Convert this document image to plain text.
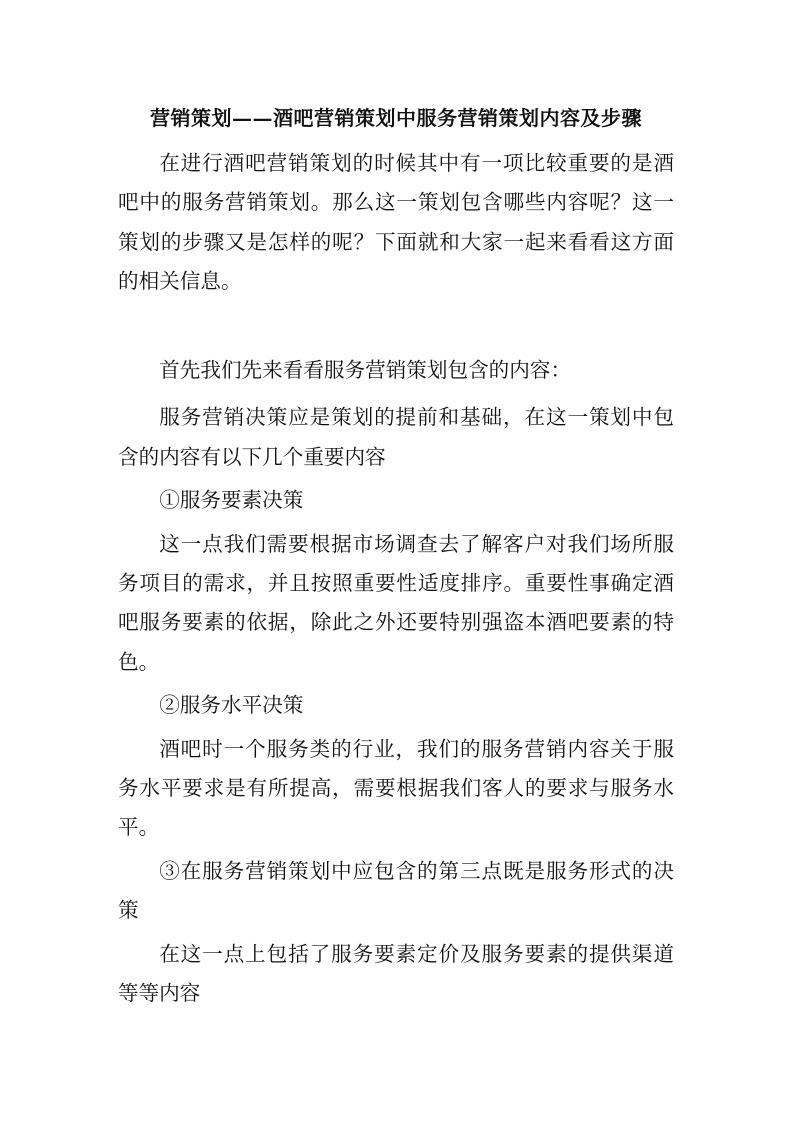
营销策划——酒吧营销策划中服务营销策划内容及步骤

在进行酒吧营销策划的时候其中有一项比较重要的是酒吧中的服务营销策划。那么这一策划包含哪些内容呢？这一策划的步骤又是怎样的呢？下面就和大家一起来看看这方面的相关信息。

首先我们先来看看服务营销策划包含的内容：

服务营销决策应是策划的提前和基础，在这一策划中包含的内容有以下几个重要内容

①服务要素决策

这一点我们需要根据市场调查去了解客户对我们场所服务项目的需求，并且按照重要性适度排序。重要性事确定酒吧服务要素的依据，除此之外还要特别强盗本酒吧要素的特色。

②服务水平决策

酒吧时一个服务类的行业，我们的服务营销内容关于服务水平要求是有所提高，需要根据我们客人的要求与服务水平。

③在服务营销策划中应包含的第三点既是服务形式的决策

在这一点上包括了服务要素定价及服务要素的提供渠道等等内容
